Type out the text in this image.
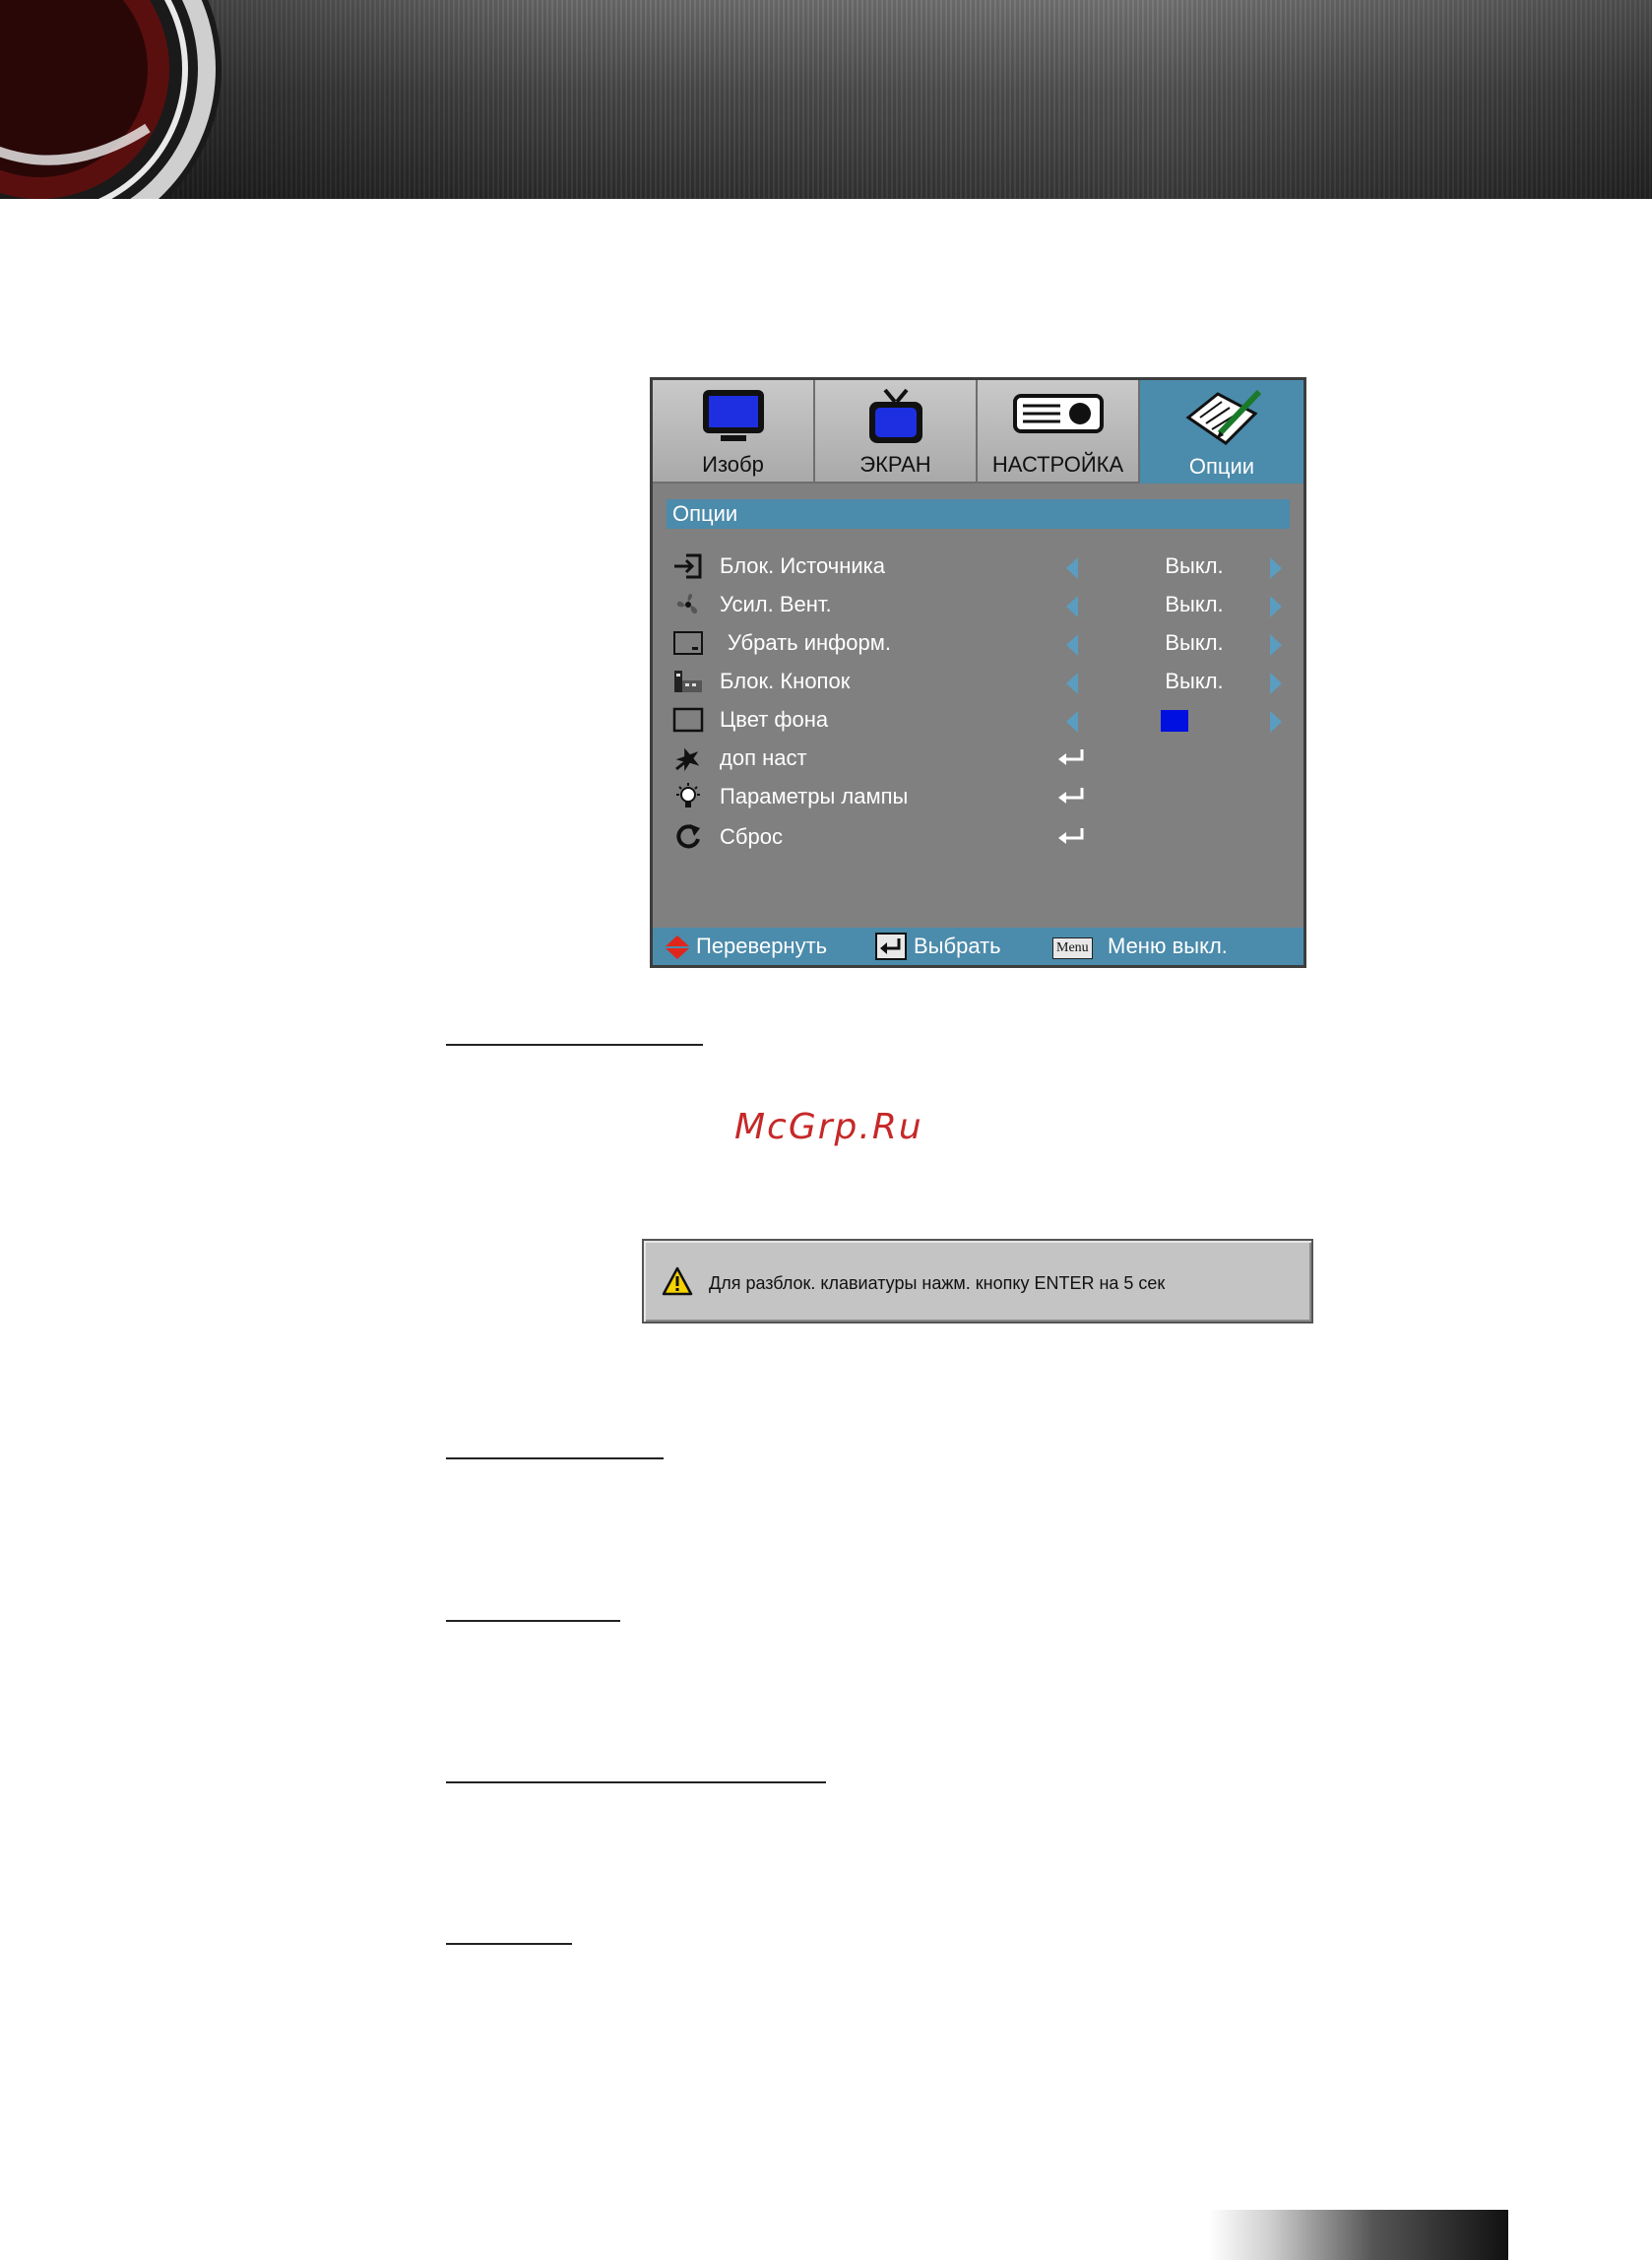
Изобр	ЭКРАН	НАСТРОЙКА	Опции
Опции
Блок. Источника	Выкл.
Усил. Вент.	Выкл.
Убрать информ.	Выкл.
Блок. Кнопок	Выкл.
Цвет фона
доп наст
Параметры лампы
Сброс
Перевернуть	Выбрать	Menu Меню выкл.
McGrp.Ru
Для разблок. клавиатуры нажм. кнопку ENTER на 5 сек
